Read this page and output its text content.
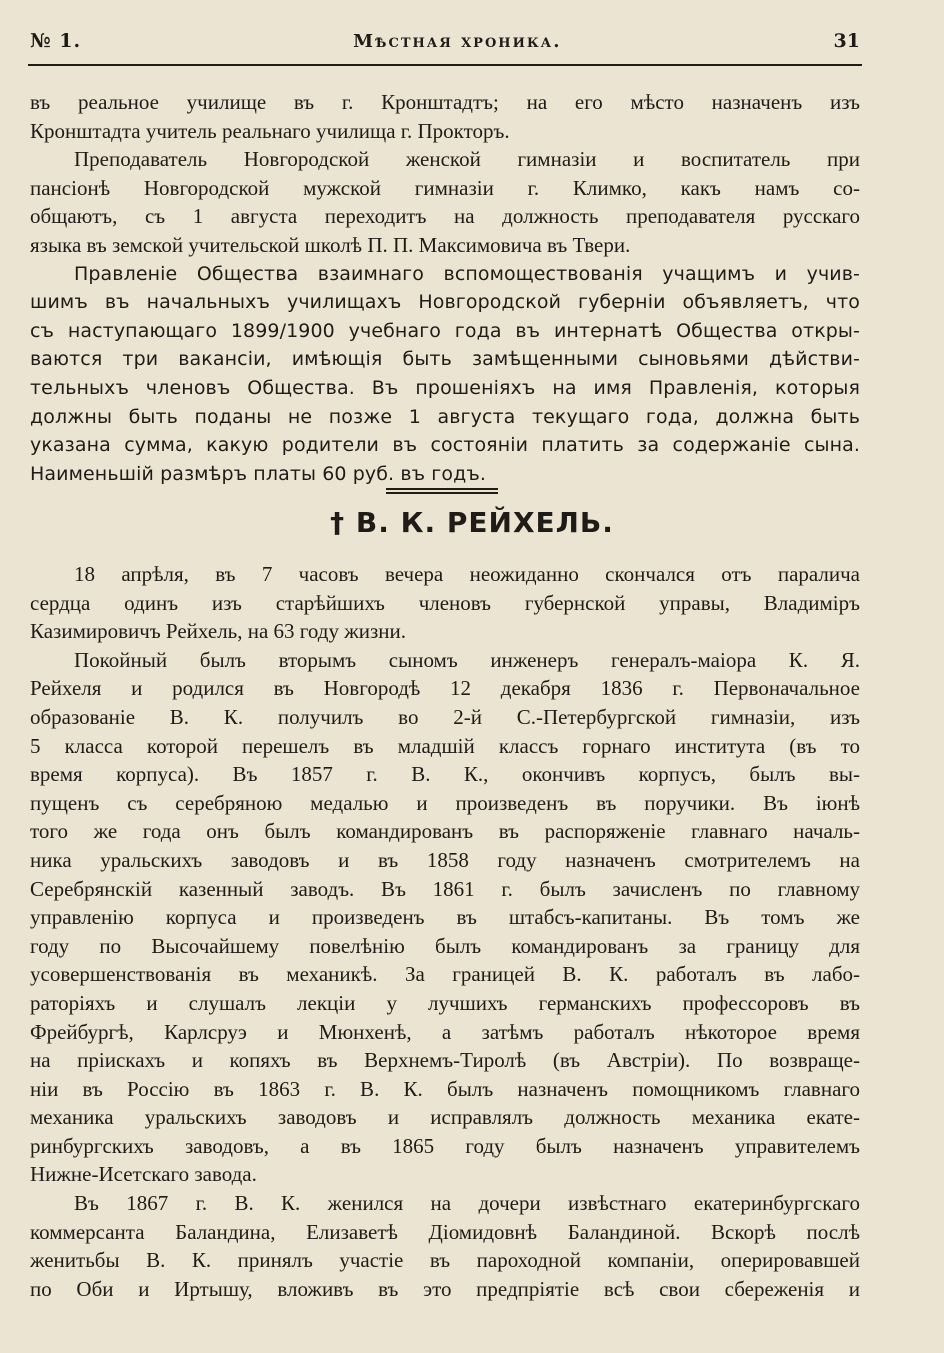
№ 1.	Мѣстная хроника.	31

въ реальное училище въ г. Кронштадтъ; на его мѣсто назначенъ изъ
Кронштадта учитель реальнаго училища г. Прокторъ.

Преподаватель Новгородской женской гимназіи и воспитатель при
пансіонѣ Новгородской мужской гимназіи г. Климко, какъ намъ со-
общаютъ, съ 1 августа переходитъ на должность преподавателя русскаго
языка въ земской учительской школѣ П. П. Максимовича въ Твери.

Правленіе Общества взаимнаго вспомоществованія учащимъ и учив-
шимъ въ начальныхъ училищахъ Новгородской губерніи объявляетъ, что
съ наступающаго 1899/1900 учебнаго года въ интернатѣ Общества откры-
ваются три вакансіи, имѣющія быть замѣщенными сыновьями дѣйстви-
тельныхъ членовъ Общества. Въ прошеніяхъ на имя Правленія, которыя
должны быть поданы не позже 1 августа текущаго года, должна быть
указана сумма, какую родители въ состояніи платить за содержаніе сына.
Наименьшій размѣръ платы 60 руб. въ годъ.

† В. К. РЕЙХЕЛЬ.

18 апрѣля, въ 7 часовъ вечера неожиданно скончался отъ паралича
сердца одинъ изъ старѣйшихъ членовъ губернской управы, Владиміръ
Казимировичъ Рейхель, на 63 году жизни.

Покойный былъ вторымъ сыномъ инженеръ генералъ-маіора К. Я.
Рейхеля и родился въ Новгородѣ 12 декабря 1836 г. Первоначальное
образованіе В. К. получилъ во 2-й С.-Петербургской гимназіи, изъ
5 класса которой перешелъ въ младшій классъ горнаго института (въ то
время корпуса). Въ 1857 г. В. К., окончивъ корпусъ, былъ вы-
пущенъ съ серебряною медалью и произведенъ въ поручики. Въ іюнѣ
того же года онъ былъ командированъ въ распоряженіе главнаго началь-
ника уральскихъ заводовъ и въ 1858 году назначенъ смотрителемъ на
Серебрянскій казенный заводъ. Въ 1861 г. былъ зачисленъ по главному
управленію корпуса и произведенъ въ штабсъ-капитаны. Въ томъ же
году по Высочайшему повелѣнію былъ командированъ за границу для
усовершенствованія въ механикѣ. За границей В. К. работалъ въ лабо-
раторіяхъ и слушалъ лекціи у лучшихъ германскихъ профессоровъ въ
Фрейбургѣ, Карлсруэ и Мюнхенѣ, а затѣмъ работалъ нѣкоторое время
на пріискахъ и копяхъ въ Верхнемъ-Тиролѣ (въ Австріи). По возвраще-
ніи въ Россію въ 1863 г. В. К. былъ назначенъ помощникомъ главнаго
механика уральскихъ заводовъ и исправлялъ должность механика екате-
ринбургскихъ заводовъ, а въ 1865 году былъ назначенъ управителемъ
Нижне-Исетскаго завода.

Въ 1867 г. В. К. женился на дочери извѣстнаго екатеринбургскаго
коммерсанта Баландина, Елизаветѣ Діомидовнѣ Баландиной. Вскорѣ послѣ
женитьбы В. К. принялъ участіе въ пароходной компаніи, оперировавшей
по Оби и Иртышу, вложивъ въ это предпріятіе всѣ свои сбереженія и
